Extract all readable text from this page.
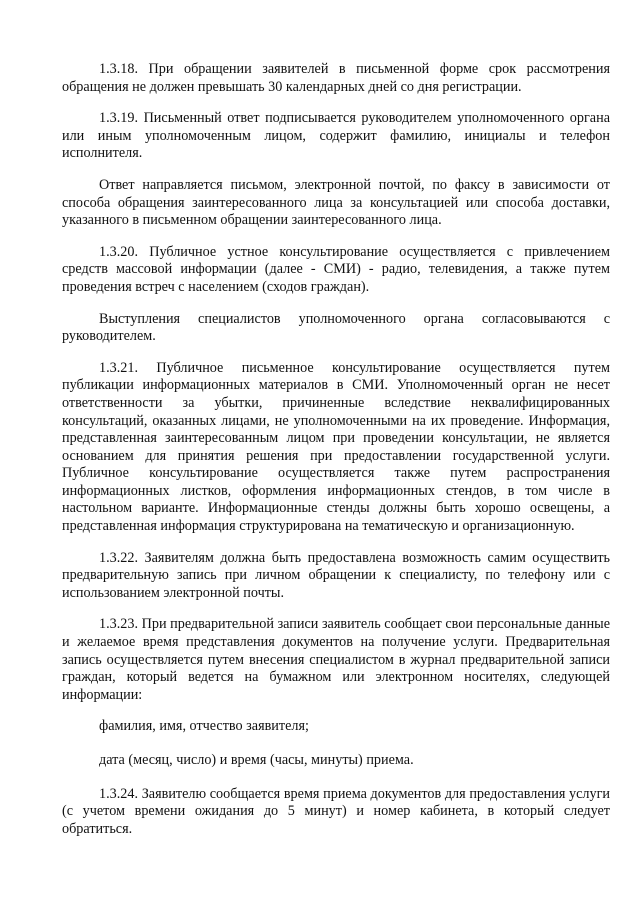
1.3.18. При обращении заявителей в письменной форме срок рассмотрения обращения не должен превышать 30 календарных дней со дня регистрации.

1.3.19. Письменный ответ подписывается руководителем уполномоченного органа или иным уполномоченным лицом, содержит фамилию, инициалы и телефон исполнителя.

Ответ направляется письмом, электронной почтой, по факсу в зависимости от способа обращения заинтересованного лица за консультацией или способа доставки, указанного в письменном обращении заинтересованного лица.

1.3.20. Публичное устное консультирование осуществляется с привлечением средств массовой информации (далее - СМИ) - радио, телевидения, а также путем проведения встреч с населением (сходов граждан).

Выступления специалистов уполномоченного органа согласовываются с руководителем.

1.3.21. Публичное письменное консультирование осуществляется путем публикации информационных материалов в СМИ. Уполномоченный орган не несет ответственности за убытки, причиненные вследствие неквалифицированных консультаций, оказанных лицами, не уполномоченными на их проведение. Информация, представленная заинтересованным лицом при проведении консультации, не является основанием для принятия решения при предоставлении государственной услуги. Публичное консультирование осуществляется также путем распространения информационных листков, оформления информационных стендов, в том числе в настольном варианте. Информационные стенды должны быть хорошо освещены, а представленная информация структурирована на тематическую и организационную.

1.3.22. Заявителям должна быть предоставлена возможность самим осуществить предварительную запись при личном обращении к специалисту, по телефону или с использованием электронной почты.

1.3.23. При предварительной записи заявитель сообщает свои персональные данные и желаемое время представления документов на получение услуги. Предварительная запись осуществляется путем внесения специалистом в журнал предварительной записи граждан, который ведется на бумажном или электронном носителях, следующей информации:

фамилия, имя, отчество заявителя;

дата (месяц, число) и время (часы, минуты) приема.

1.3.24. Заявителю сообщается время приема документов для предоставления услуги (с учетом времени ожидания до 5 минут) и номер кабинета, в который следует обратиться.
